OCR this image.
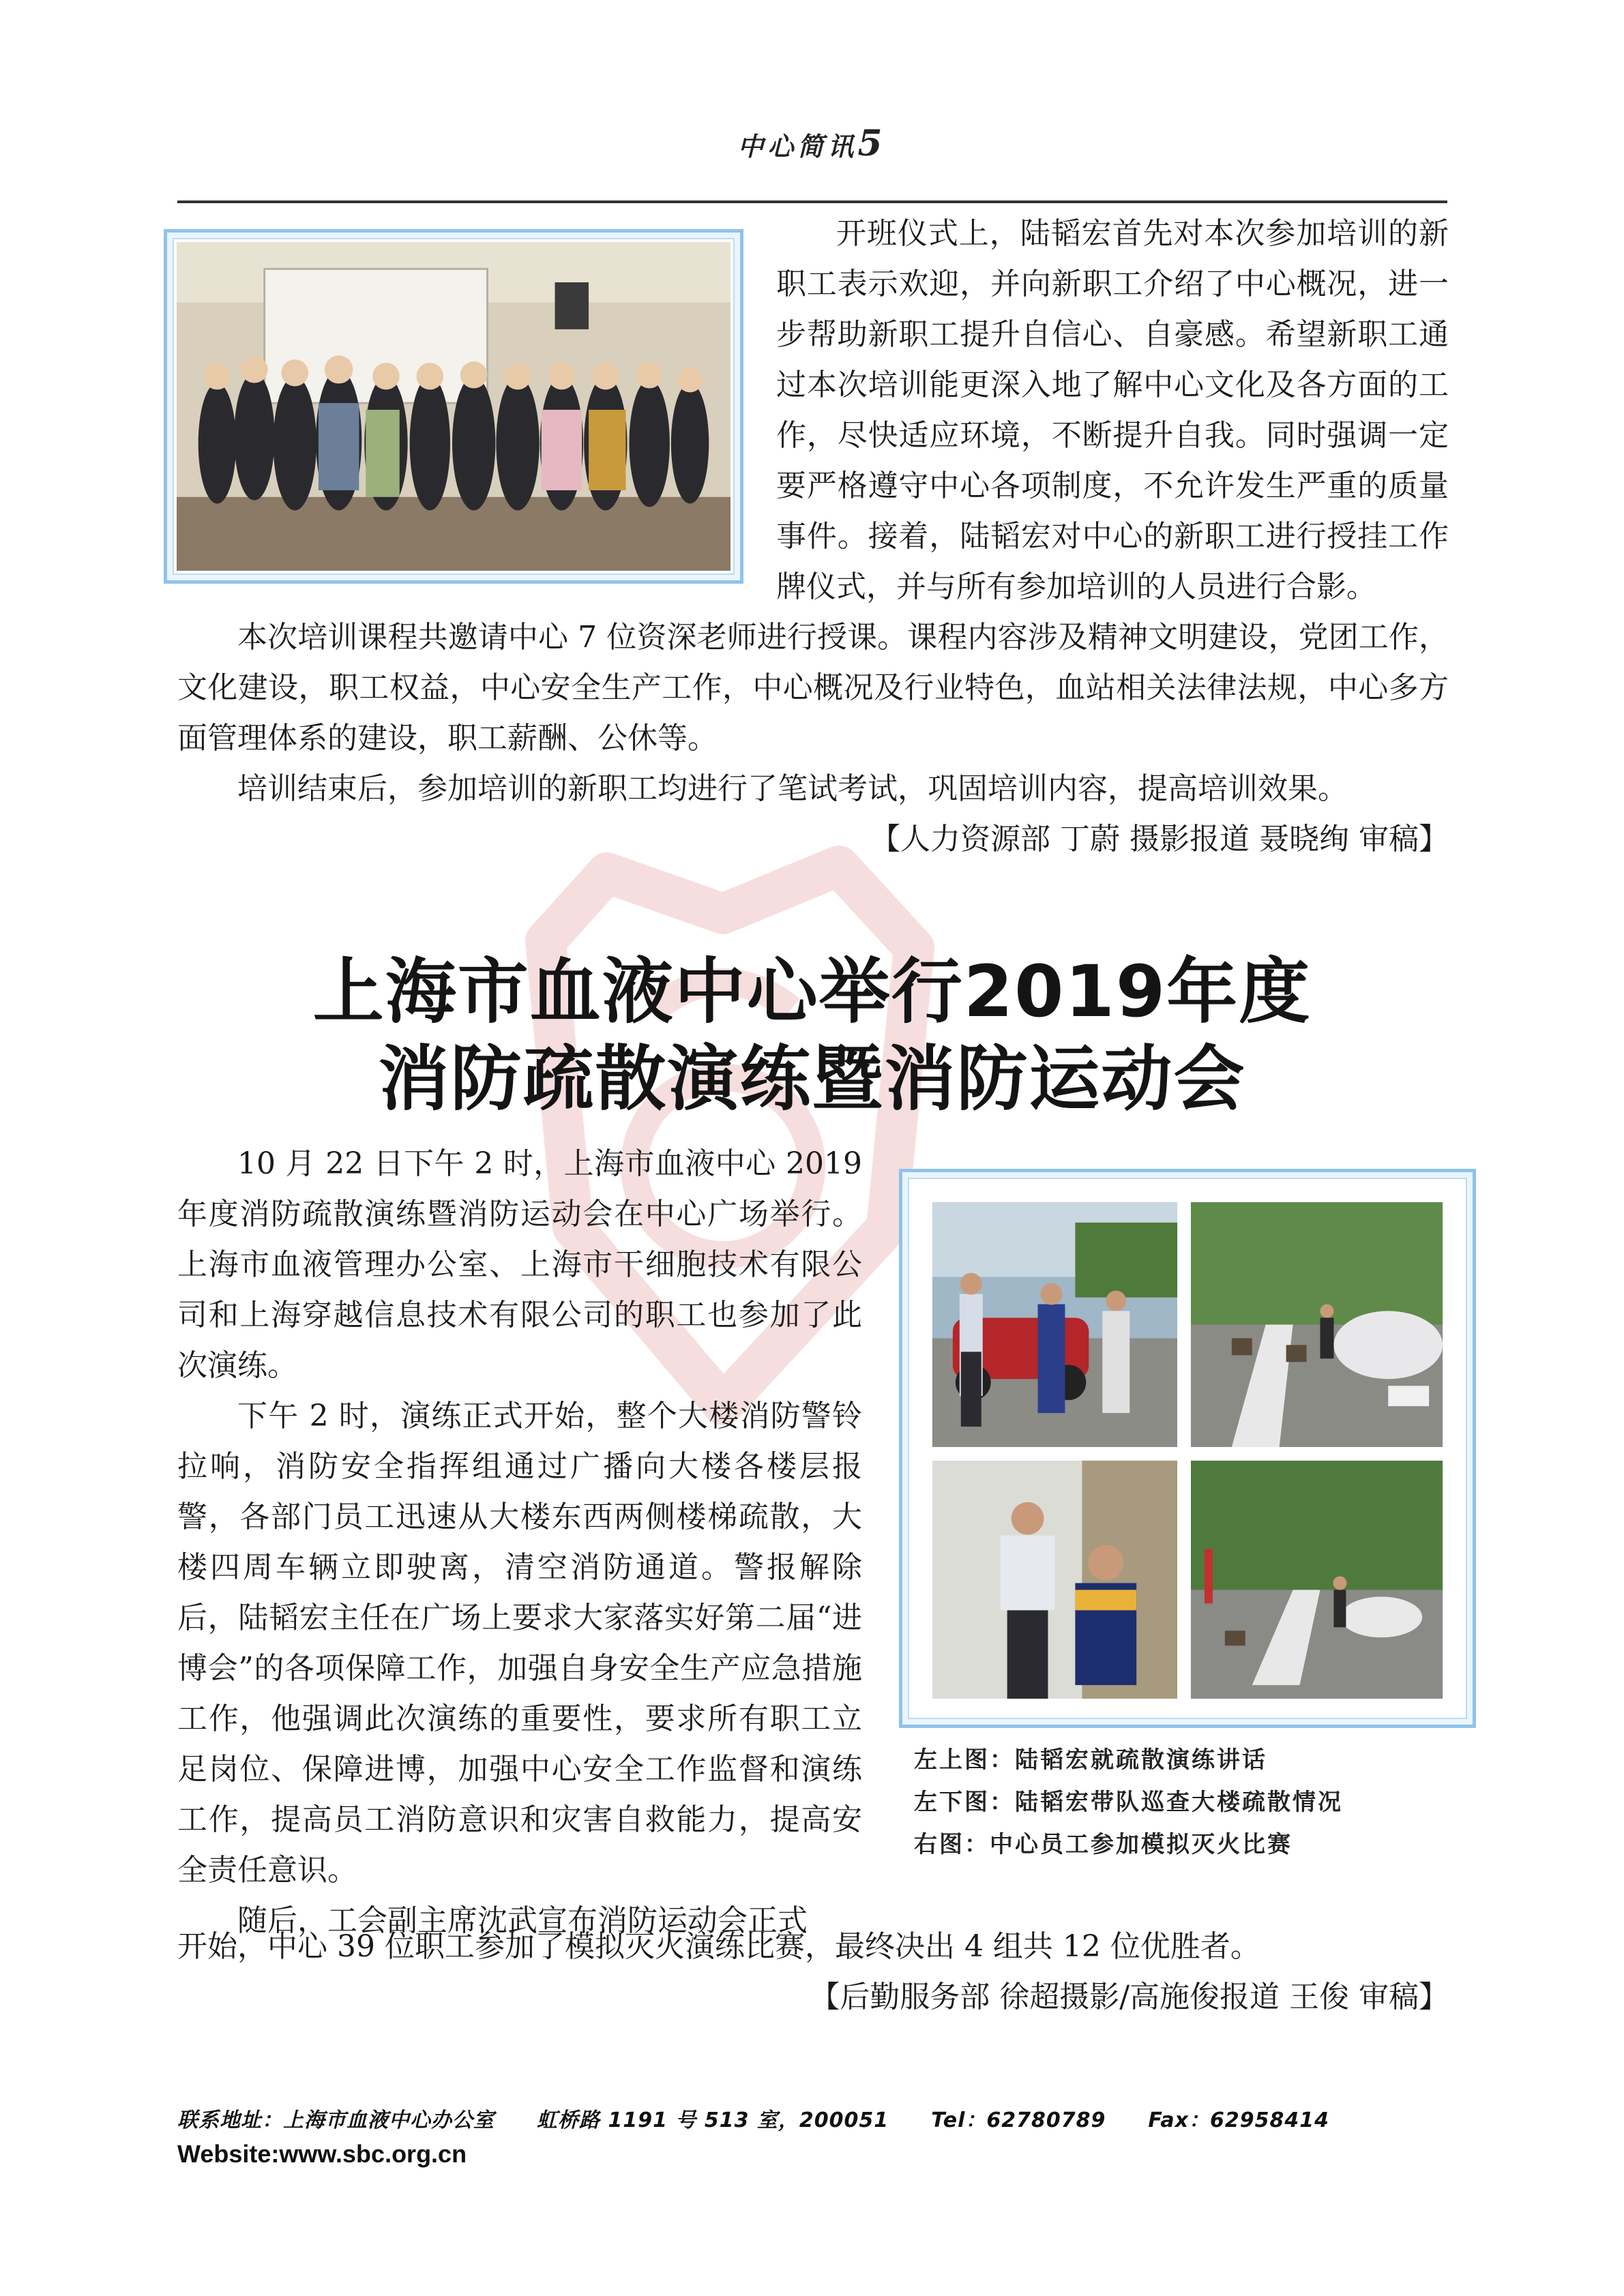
中心简讯5

开班仪式上，陆韬宏首先对本次参加培训的新职工表示欢迎，并向新职工介绍了中心概况，进一步帮助新职工提升自信心、自豪感。希望新职工通过本次培训能更深入地了解中心文化及各方面的工作，尽快适应环境，不断提升自我。同时强调一定要严格遵守中心各项制度，不允许发生严重的质量事件。接着，陆韬宏对中心的新职工进行授挂工作牌仪式，并与所有参加培训的人员进行合影。

本次培训课程共邀请中心 7 位资深老师进行授课。课程内容涉及精神文明建设，党团工作，文化建设，职工权益，中心安全生产工作，中心概况及行业特色，血站相关法律法规，中心多方面管理体系的建设，职工薪酬、公休等。

培训结束后，参加培训的新职工均进行了笔试考试，巩固培训内容，提高培训效果。

【人力资源部 丁蔚 摄影报道 聂晓绚 审稿】
上海市血液中心举行2019年度
消防疏散演练暨消防运动会
左上图：陆韬宏就疏散演练讲话
左下图：陆韬宏带队巡查大楼疏散情况
右图：中心员工参加模拟灭火比赛

10 月 22 日下午 2 时，上海市血液中心 2019 年度消防疏散演练暨消防运动会在中心广场举行。上海市血液管理办公室、上海市干细胞技术有限公司和上海穿越信息技术有限公司的职工也参加了此次演练。

下午 2 时，演练正式开始，整个大楼消防警铃拉响，消防安全指挥组通过广播向大楼各楼层报警，各部门员工迅速从大楼东西两侧楼梯疏散，大楼四周车辆立即驶离，清空消防通道。警报解除后，陆韬宏主任在广场上要求大家落实好第二届“进博会”的各项保障工作，加强自身安全生产应急措施工作，他强调此次演练的重要性，要求所有职工立足岗位、保障进博，加强中心安全工作监督和演练工作，提高员工消防意识和灾害自救能力，提高安全责任意识。

随后，工会副主席沈武宣布消防运动会正式

开始，中心 39 位职工参加了模拟灭火演练比赛，最终决出 4 组共 12 位优胜者。

【后勤服务部 徐超摄影/高施俊报道 王俊 审稿】
联系地址：上海市血液中心办公室　　虹桥路 1191 号 513 室，200051　　Tel：62780789　　Fax：62958414
Website:www.sbc.org.cn
